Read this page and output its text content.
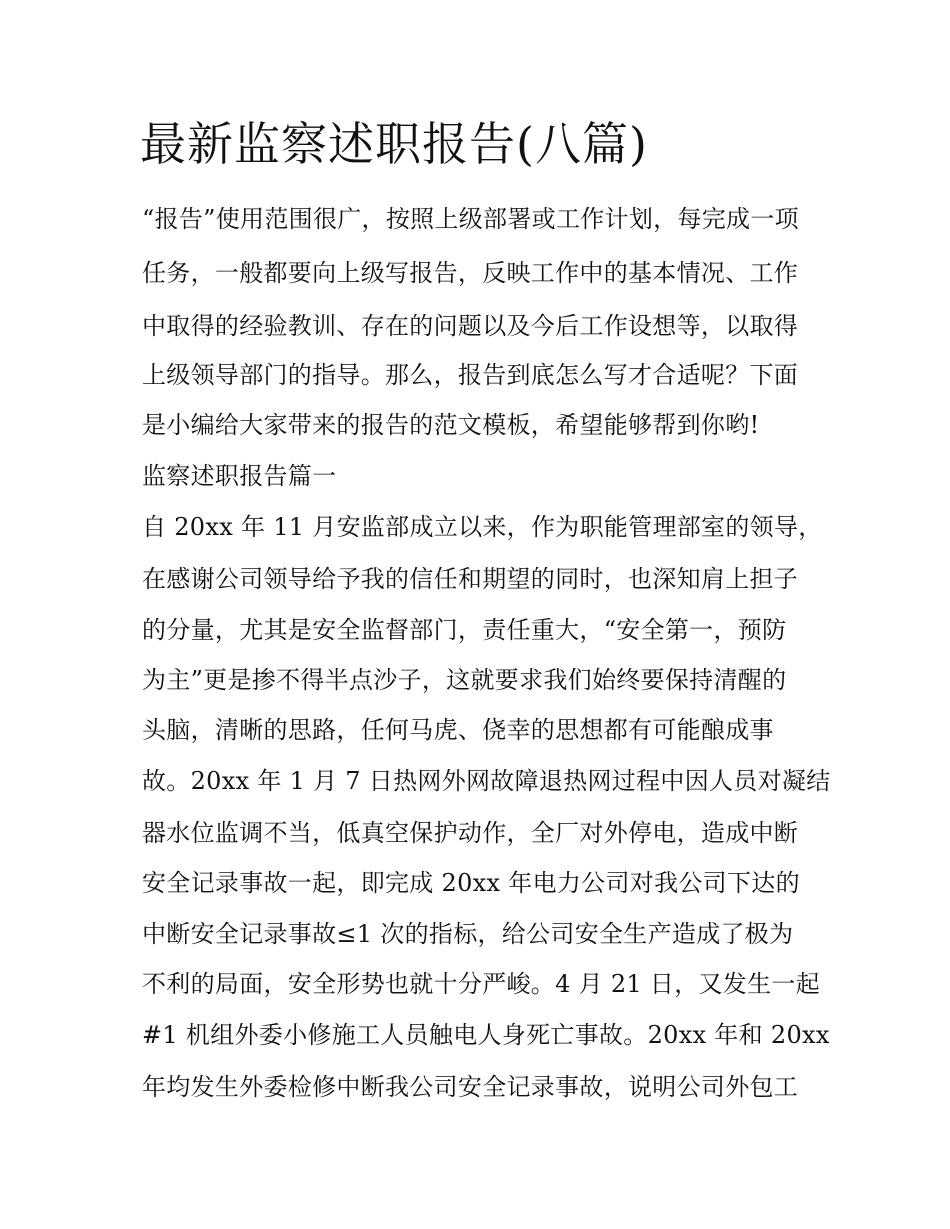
最新监察述职报告(八篇)

“报告”使用范围很广，按照上级部署或工作计划，每完成一项

任务，一般都要向上级写报告，反映工作中的基本情况、工作

中取得的经验教训、存在的问题以及今后工作设想等，以取得

上级领导部门的指导。那么，报告到底怎么写才合适呢？下面

是小编给大家带来的报告的范文模板，希望能够帮到你哟!

监察述职报告篇一

自 20xx 年 11 月安监部成立以来，作为职能管理部室的领导，

在感谢公司领导给予我的信任和期望的同时，也深知肩上担子

的分量，尤其是安全监督部门，责任重大，“安全第一，预防

为主”更是掺不得半点沙子，这就要求我们始终要保持清醒的

头脑，清晰的思路，任何马虎、侥幸的思想都有可能酿成事

故。20xx 年 1 月 7 日热网外网故障退热网过程中因人员对凝结

器水位监调不当，低真空保护动作，全厂对外停电，造成中断

安全记录事故一起，即完成 20xx 年电力公司对我公司下达的

中断安全记录事故≤1 次的指标，给公司安全生产造成了极为

不利的局面，安全形势也就十分严峻。4 月 21 日，又发生一起

#1 机组外委小修施工人员触电人身死亡事故。20xx 年和 20xx

年均发生外委检修中断我公司安全记录事故，说明公司外包工
